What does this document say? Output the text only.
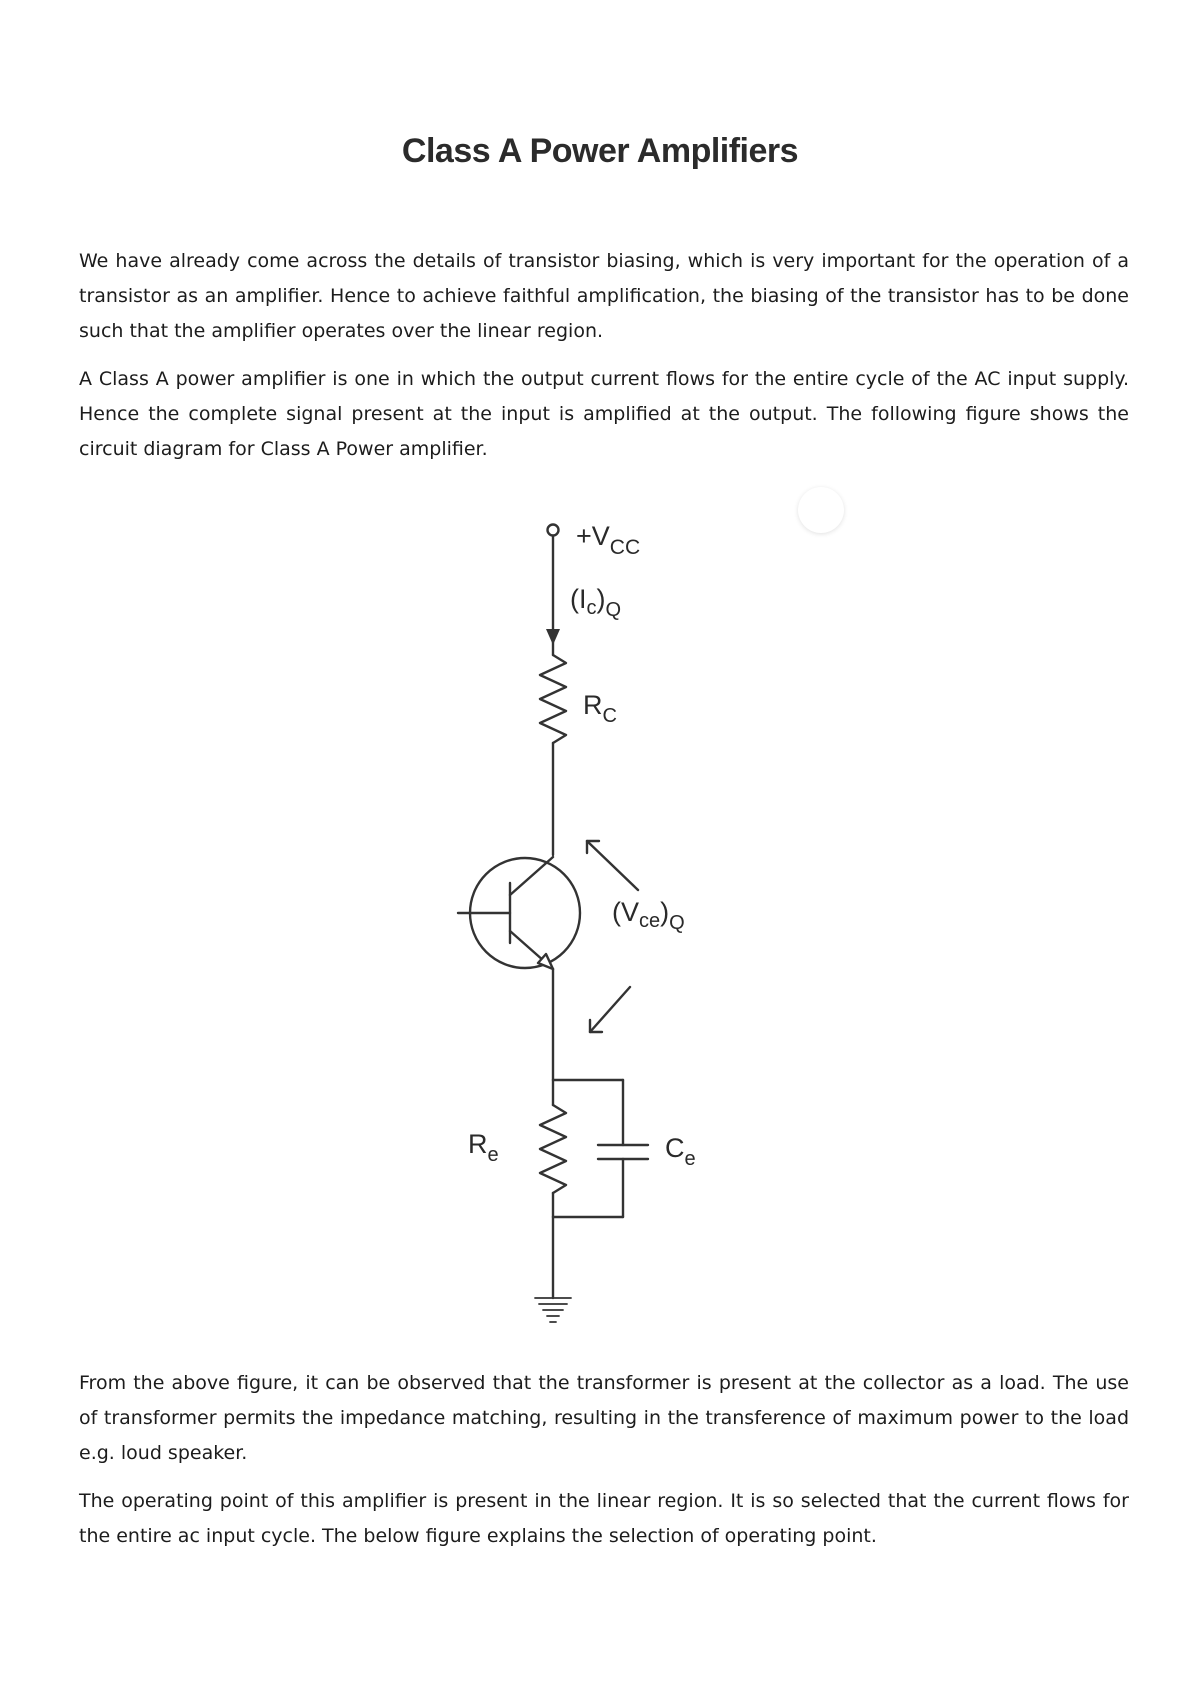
Class A Power Amplifiers

We have already come across the details of transistor biasing, which is very important for the operation of a transistor as an amplifier. Hence to achieve faithful amplification, the biasing of the transistor has to be done such that the amplifier operates over the linear region.

A Class A power amplifier is one in which the output current flows for the entire cycle of the AC input supply. Hence the complete signal present at the input is amplified at the output. The following figure shows the circuit diagram for Class A Power amplifier.

$+V_{CC}$
$(I_c)_Q$
$R_C$
$(V_{ce})_Q$
$R_e$	$C_e$

From the above figure, it can be observed that the transformer is present at the collector as a load. The use of transformer permits the impedance matching, resulting in the transference of maximum power to the load e.g. loud speaker.

The operating point of this amplifier is present in the linear region. It is so selected that the current flows for the entire ac input cycle. The below figure explains the selection of operating point.
